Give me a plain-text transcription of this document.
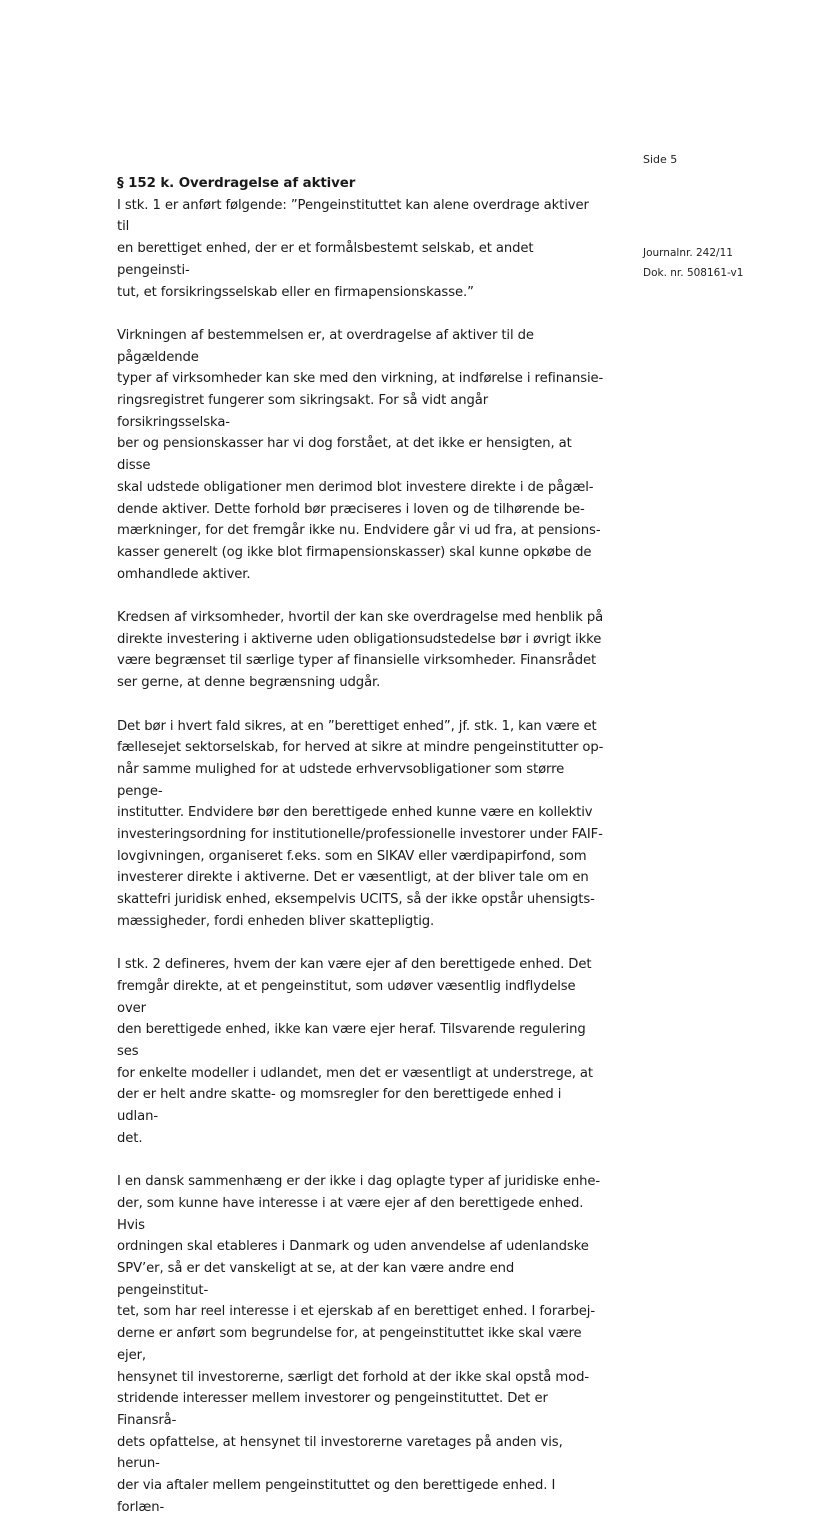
Side 5
Journalnr. 242/11
Dok. nr. 508161-v1
§ 152 k. Overdragelse af aktiver

I stk. 1 er anført følgende: ”Pengeinstituttet kan alene overdrage aktiver til
en berettiget enhed, der er et formålsbestemt selskab, et andet pengeinsti-
tut, et forsikringsselskab eller en firmapensionskasse.”

Virkningen af bestemmelsen er, at overdragelse af aktiver til de pågældende
typer af virksomheder kan ske med den virkning, at indførelse i refinansie-
ringsregistret fungerer som sikringsakt. For så vidt angår forsikringsselska-
ber og pensionskasser har vi dog forstået, at det ikke er hensigten, at disse
skal udstede obligationer men derimod blot investere direkte i de pågæl-
dende aktiver. Dette forhold bør præciseres i loven og de tilhørende be-
mærkninger, for det fremgår ikke nu. Endvidere går vi ud fra, at pensions-
kasser generelt (og ikke blot firmapensionskasser) skal kunne opkøbe de
omhandlede aktiver.

Kredsen af virksomheder, hvortil der kan ske overdragelse med henblik på
direkte investering i aktiverne uden obligationsudstedelse bør i øvrigt ikke
være begrænset til særlige typer af finansielle virksomheder. Finansrådet
ser gerne, at denne begrænsning udgår.

Det bør i hvert fald sikres, at en ”berettiget enhed”, jf. stk. 1, kan være et
fællesejet sektorselskab, for herved at sikre at mindre pengeinstitutter op-
når samme mulighed for at udstede erhvervsobligationer som større penge-
institutter. Endvidere bør den berettigede enhed kunne være en kollektiv
investeringsordning for institutionelle/professionelle investorer under FAIF-
lovgivningen, organiseret f.eks. som en SIKAV eller værdipapirfond, som
investerer direkte i aktiverne. Det er væsentligt, at der bliver tale om en
skattefri juridisk enhed, eksempelvis UCITS, så der ikke opstår uhensigts-
mæssigheder, fordi enheden bliver skattepligtig.

I stk. 2 defineres, hvem der kan være ejer af den berettigede enhed. Det
fremgår direkte, at et pengeinstitut, som udøver væsentlig indflydelse over
den berettigede enhed, ikke kan være ejer heraf. Tilsvarende regulering ses
for enkelte modeller i udlandet, men det er væsentligt at understrege, at
der er helt andre skatte- og momsregler for den berettigede enhed i udlan-
det.

I en dansk sammenhæng er der ikke i dag oplagte typer af juridiske enhe-
der, som kunne have interesse i at være ejer af den berettigede enhed. Hvis
ordningen skal etableres i Danmark og uden anvendelse af udenlandske
SPV’er, så er det vanskeligt at se, at der kan være andre end pengeinstitut-
tet, som har reel interesse i et ejerskab af en berettiget enhed. I forarbej-
derne er anført som begrundelse for, at pengeinstituttet ikke skal være ejer,
hensynet til investorerne, særligt det forhold at der ikke skal opstå mod-
stridende interesser mellem investorer og pengeinstituttet. Det er Finansrå-
dets opfattelse, at hensynet til investorerne varetages på anden vis, herun-
der via aftaler mellem pengeinstituttet og den berettigede enhed. I forlæn-
